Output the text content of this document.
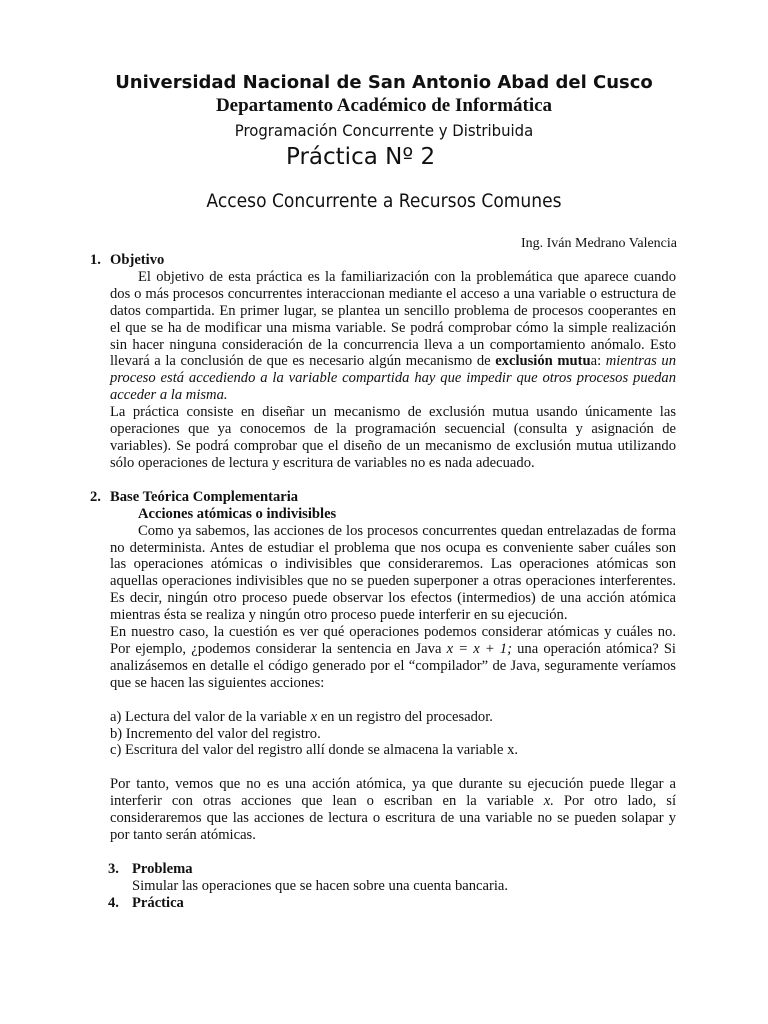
Universidad Nacional de San Antonio Abad del Cusco
Departamento Académico de Informática
Programación Concurrente y Distribuida
Práctica Nº 2
Acceso Concurrente a Recursos Comunes
Ing. Iván Medrano Valencia
1. Objetivo
El objetivo de esta práctica es la familiarización con la problemática que aparece cuando dos o más procesos concurrentes interaccionan mediante el acceso a una variable o estructura de datos compartida. En primer lugar, se plantea un sencillo problema de procesos cooperantes en el que se ha de modificar una misma variable. Se podrá comprobar cómo la simple realización sin hacer ninguna consideración de la concurrencia lleva a un comportamiento anómalo. Esto llevará a la conclusión de que es necesario algún mecanismo de exclusión mutua: mientras un proceso está accediendo a la variable compartida hay que impedir que otros procesos puedan acceder a la misma.
La práctica consiste en diseñar un mecanismo de exclusión mutua usando únicamente las operaciones que ya conocemos de la programación secuencial (consulta y asignación de variables). Se podrá comprobar que el diseño de un mecanismo de exclusión mutua utilizando sólo operaciones de lectura y escritura de variables no es nada adecuado.
2. Base Teórica Complementaria
Acciones atómicas o indivisibles
Como ya sabemos, las acciones de los procesos concurrentes quedan entrelazadas de forma no determinista. Antes de estudiar el problema que nos ocupa es conveniente saber cuáles son las operaciones atómicas o indivisibles que consideraremos. Las operaciones atómicas son aquellas operaciones indivisibles que no se pueden superponer a otras operaciones interferentes. Es decir, ningún otro proceso puede observar los efectos (intermedios) de una acción atómica mientras ésta se realiza y ningún otro proceso puede interferir en su ejecución.
En nuestro caso, la cuestión es ver qué operaciones podemos considerar atómicas y cuáles no. Por ejemplo, ¿podemos considerar la sentencia en Java x = x + 1; una operación atómica? Si analizásemos en detalle el código generado por el “compilador” de Java, seguramente veríamos que se hacen las siguientes acciones:
a) Lectura del valor de la variable x en un registro del procesador.
b) Incremento del valor del registro.
c) Escritura del valor del registro allí donde se almacena la variable x.
Por tanto, vemos que no es una acción atómica, ya que durante su ejecución puede llegar a interferir con otras acciones que lean o escriban en la variable x. Por otro lado, sí consideraremos que las acciones de lectura o escritura de una variable no se pueden solapar y por tanto serán atómicas.
3. Problema
Simular las operaciones que se hacen sobre una cuenta bancaria.
4. Práctica
